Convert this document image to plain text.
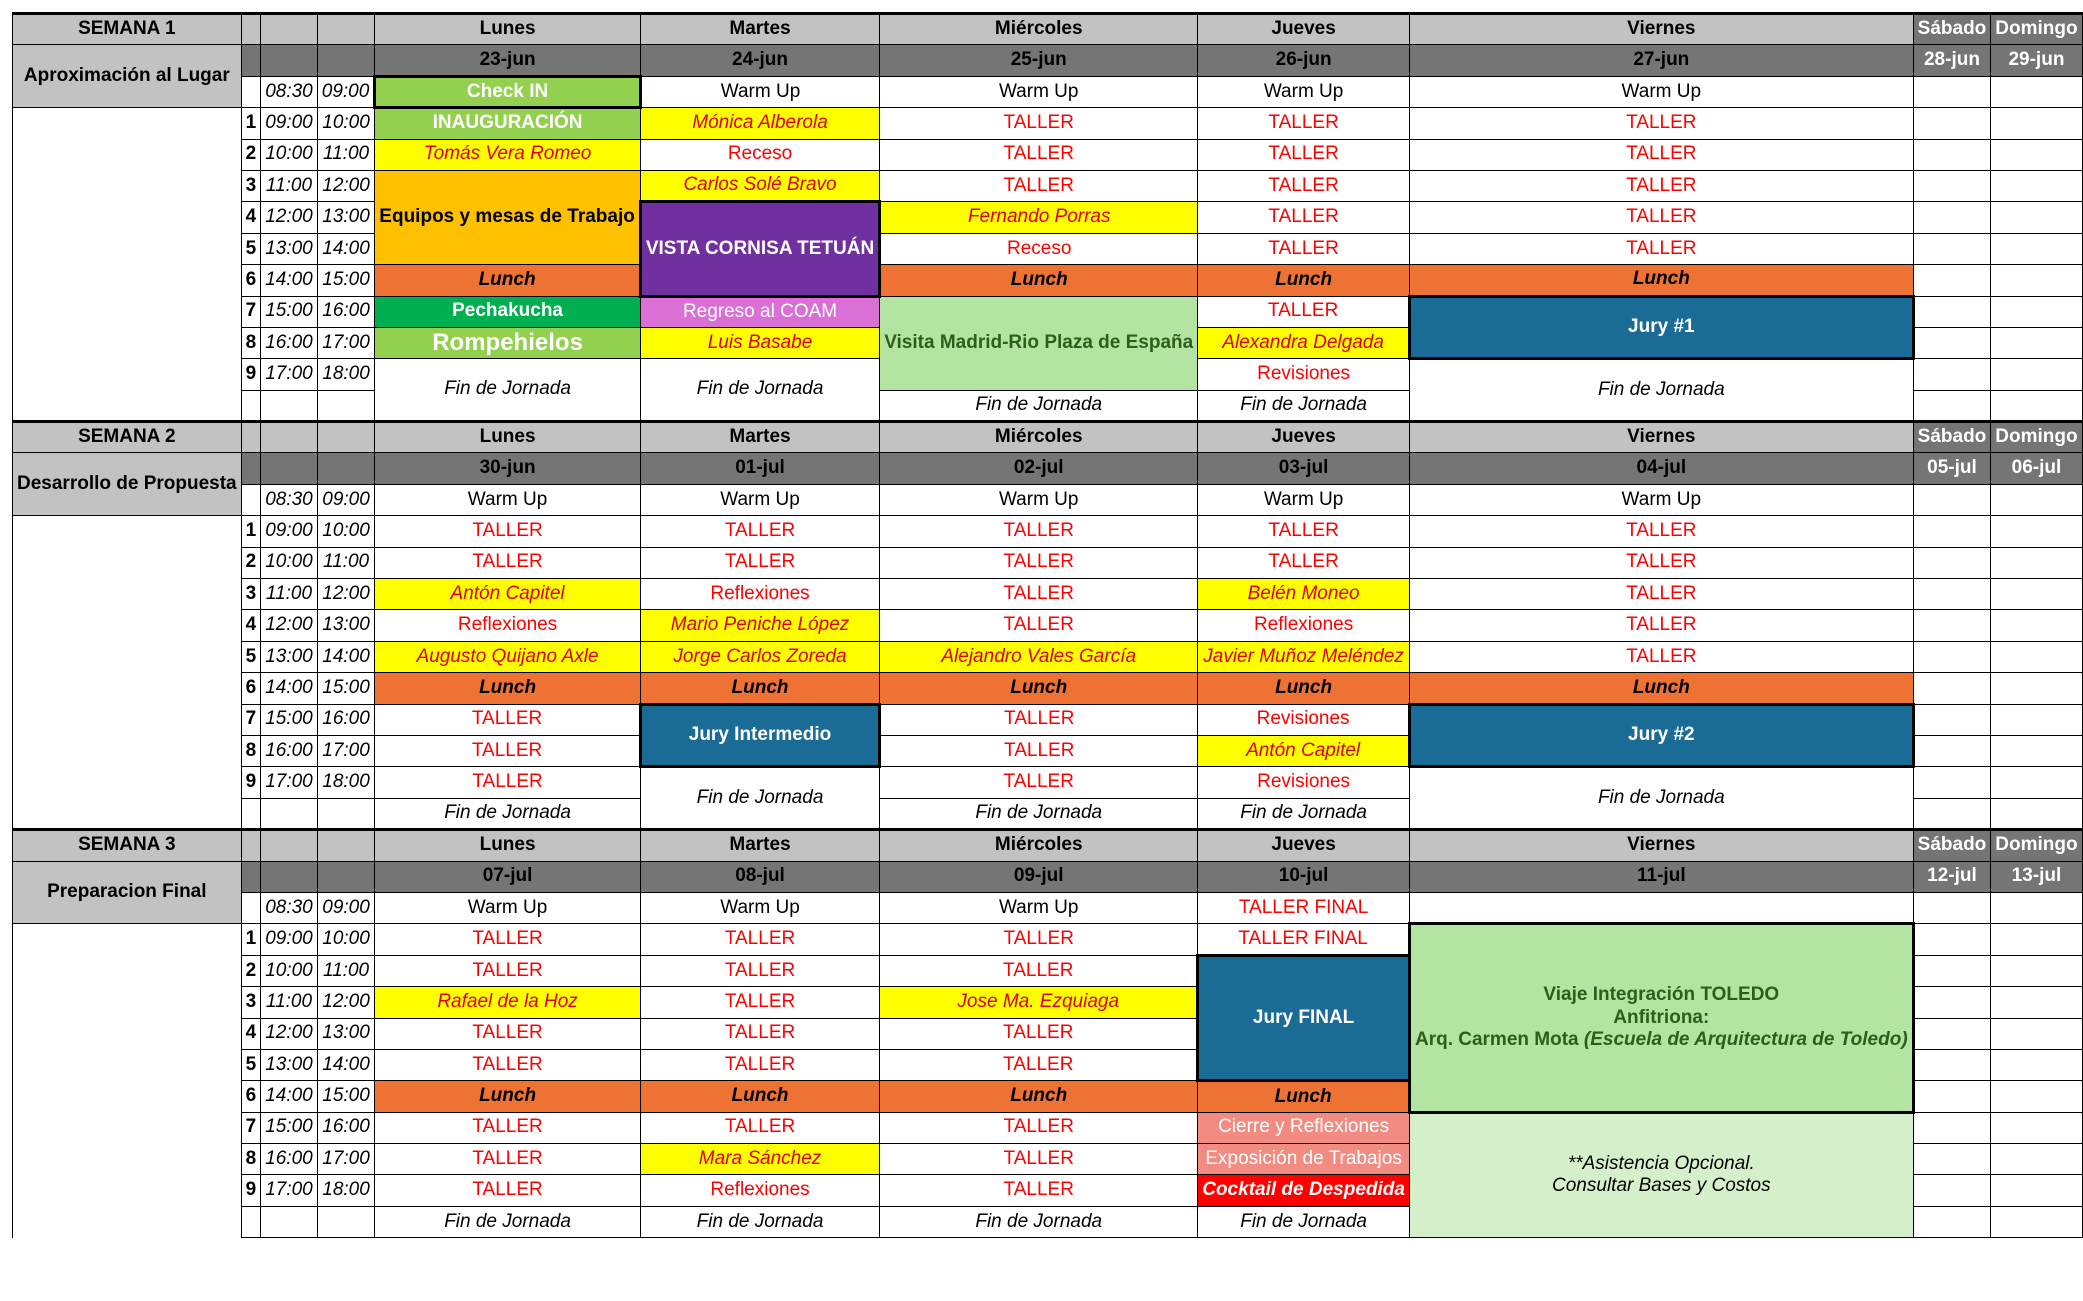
SEMANA 1				Lunes	Martes	Miércoles	Jueves	Viernes	Sábado	Domingo
Aproximación al Lugar				23-jun	24-jun	25-jun	26-jun	27-jun	28-jun	29-jun
		08:30	09:00	Check IN	Warm Up	Warm Up	Warm Up	Warm Up		
	1	09:00	10:00	INAUGURACIÓN	Mónica Alberola	TALLER	TALLER	TALLER		
	2	10:00	11:00	Tomás Vera Romeo	Receso	TALLER	TALLER	TALLER		
	3	11:00	12:00	Equipos y mesas de Trabajo	Carlos Solé Bravo	TALLER	TALLER	TALLER		
	4	12:00	13:00		VISTA CORNISA TETUÁN	Fernando Porras	TALLER	TALLER		
	5	13:00	14:00			Receso	TALLER	TALLER		
	6	14:00	15:00	Lunch		Lunch	Lunch	Lunch		
	7	15:00	16:00	Pechakucha	Regreso al COAM	Visita Madrid-Rio Plaza de España	TALLER	Jury #1		
	8	16:00	17:00	Rompehielos	Luis Basabe		Alexandra Delgada			
	9	17:00	18:00	Fin de Jornada	Fin de Jornada		Revisiones	Fin de Jornada		
						Fin de Jornada	Fin de Jornada			
SEMANA 2				Lunes	Martes	Miércoles	Jueves	Viernes	Sábado	Domingo
Desarrollo de Propuesta				30-jun	01-jul	02-jul	03-jul	04-jul	05-jul	06-jul
		08:30	09:00	Warm Up	Warm Up	Warm Up	Warm Up	Warm Up		
	1	09:00	10:00	TALLER	TALLER	TALLER	TALLER	TALLER		
	2	10:00	11:00	TALLER	TALLER	TALLER	TALLER	TALLER		
	3	11:00	12:00	Antón Capitel	Reflexiones	TALLER	Belén Moneo	TALLER		
	4	12:00	13:00	Reflexiones	Mario Peniche López	TALLER	Reflexiones	TALLER		
	5	13:00	14:00	Augusto Quijano Axle	Jorge Carlos Zoreda	Alejandro Vales García	Javier Muñoz Meléndez	TALLER		
	6	14:00	15:00	Lunch	Lunch	Lunch	Lunch	Lunch		
	7	15:00	16:00	TALLER	Jury Intermedio	TALLER	Revisiones	Jury #2		
	8	16:00	17:00	TALLER		TALLER	Antón Capitel			
	9	17:00	18:00	TALLER	Fin de Jornada	TALLER	Revisiones	Fin de Jornada		
				Fin de Jornada		Fin de Jornada	Fin de Jornada			
SEMANA 3				Lunes	Martes	Miércoles	Jueves	Viernes	Sábado	Domingo
Preparacion Final				07-jul	08-jul	09-jul	10-jul	11-jul	12-jul	13-jul
		08:30	09:00	Warm Up	Warm Up	Warm Up	TALLER FINAL			
	1	09:00	10:00	TALLER	TALLER	TALLER	TALLER FINAL	Viaje Integración TOLEDO
Anfitriona:
Arq. Carmen Mota (Escuela de Arquitectura de Toledo)		
	2	10:00	11:00	TALLER	TALLER	TALLER	Jury FINAL			
	3	11:00	12:00	Rafael de la Hoz	TALLER	Jose Ma. Ezquiaga				
	4	12:00	13:00	TALLER	TALLER	TALLER				
	5	13:00	14:00	TALLER	TALLER	TALLER				
	6	14:00	15:00	Lunch	Lunch	Lunch	Lunch			
	7	15:00	16:00	TALLER	TALLER	TALLER	Cierre y Reflexiones	**Asistencia Opcional.
Consultar Bases y Costos		
	8	16:00	17:00	TALLER	Mara Sánchez	TALLER	Exposición de Trabajos			
	9	17:00	18:00	TALLER	Reflexiones	TALLER	Cocktail de Despedida			
				Fin de Jornada	Fin de Jornada	Fin de Jornada	Fin de Jornada			
